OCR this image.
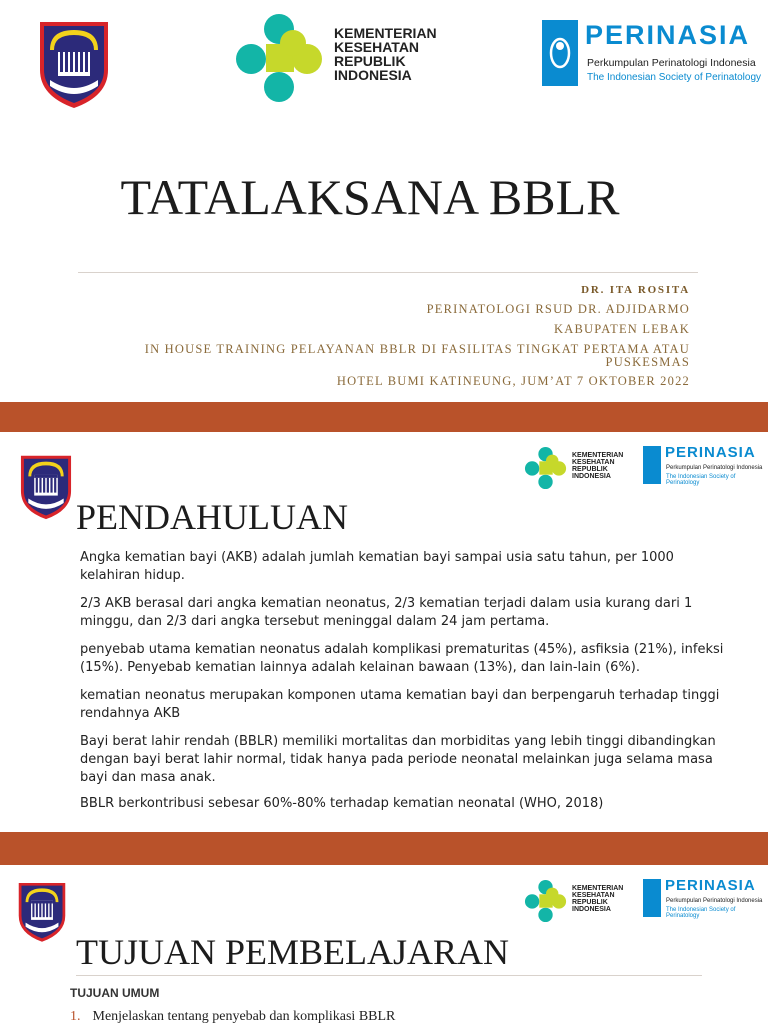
KEMENTERIAN
KESEHATAN
REPUBLIK
INDONESIA
PERINASIA
Perkumpulan Perinatologi Indonesia
The Indonesian Society of Perinatology
TATALAKSANA BBLR
DR. ITA ROSITA
PERINATOLOGI RSUD DR. ADJIDARMO
KABUPATEN LEBAK
IN HOUSE TRAINING PELAYANAN BBLR DI FASILITAS TINGKAT PERTAMA ATAU
PUSKESMAS
HOTEL BUMI KATINEUNG, JUM’AT 7 OKTOBER 2022
KEMENTERIAN
KESEHATAN
REPUBLIK
INDONESIA
PERINASIA
Perkumpulan Perinatologi Indonesia
The Indonesian Society of Perinatology
PENDAHULUAN
Angka kematian bayi (AKB) adalah jumlah kematian bayi sampai usia satu tahun, per 1000 kelahiran hidup.
2/3 AKB berasal dari angka kematian neonatus, 2/3 kematian terjadi dalam usia kurang dari 1 minggu, dan 2/3 dari angka tersebut meninggal dalam 24 jam pertama.
penyebab utama kematian neonatus adalah komplikasi prematuritas (45%), asfiksia (21%), infeksi (15%). Penyebab kematian lainnya adalah kelainan bawaan (13%), dan lain-lain (6%).
kematian neonatus merupakan komponen utama kematian bayi dan berpengaruh terhadap tinggi rendahnya AKB
Bayi berat lahir rendah (BBLR) memiliki mortalitas dan morbiditas yang lebih tinggi dibandingkan dengan bayi berat lahir normal, tidak hanya pada periode neonatal melainkan juga selama masa bayi dan masa anak.
BBLR berkontribusi sebesar 60%-80% terhadap kematian neonatal (WHO, 2018)
KEMENTERIAN
KESEHATAN
REPUBLIK
INDONESIA
PERINASIA
Perkumpulan Perinatologi Indonesia
The Indonesian Society of Perinatology
TUJUAN PEMBELAJARAN
TUJUAN UMUM
1. Menjelaskan tentang penyebab dan komplikasi BBLR
